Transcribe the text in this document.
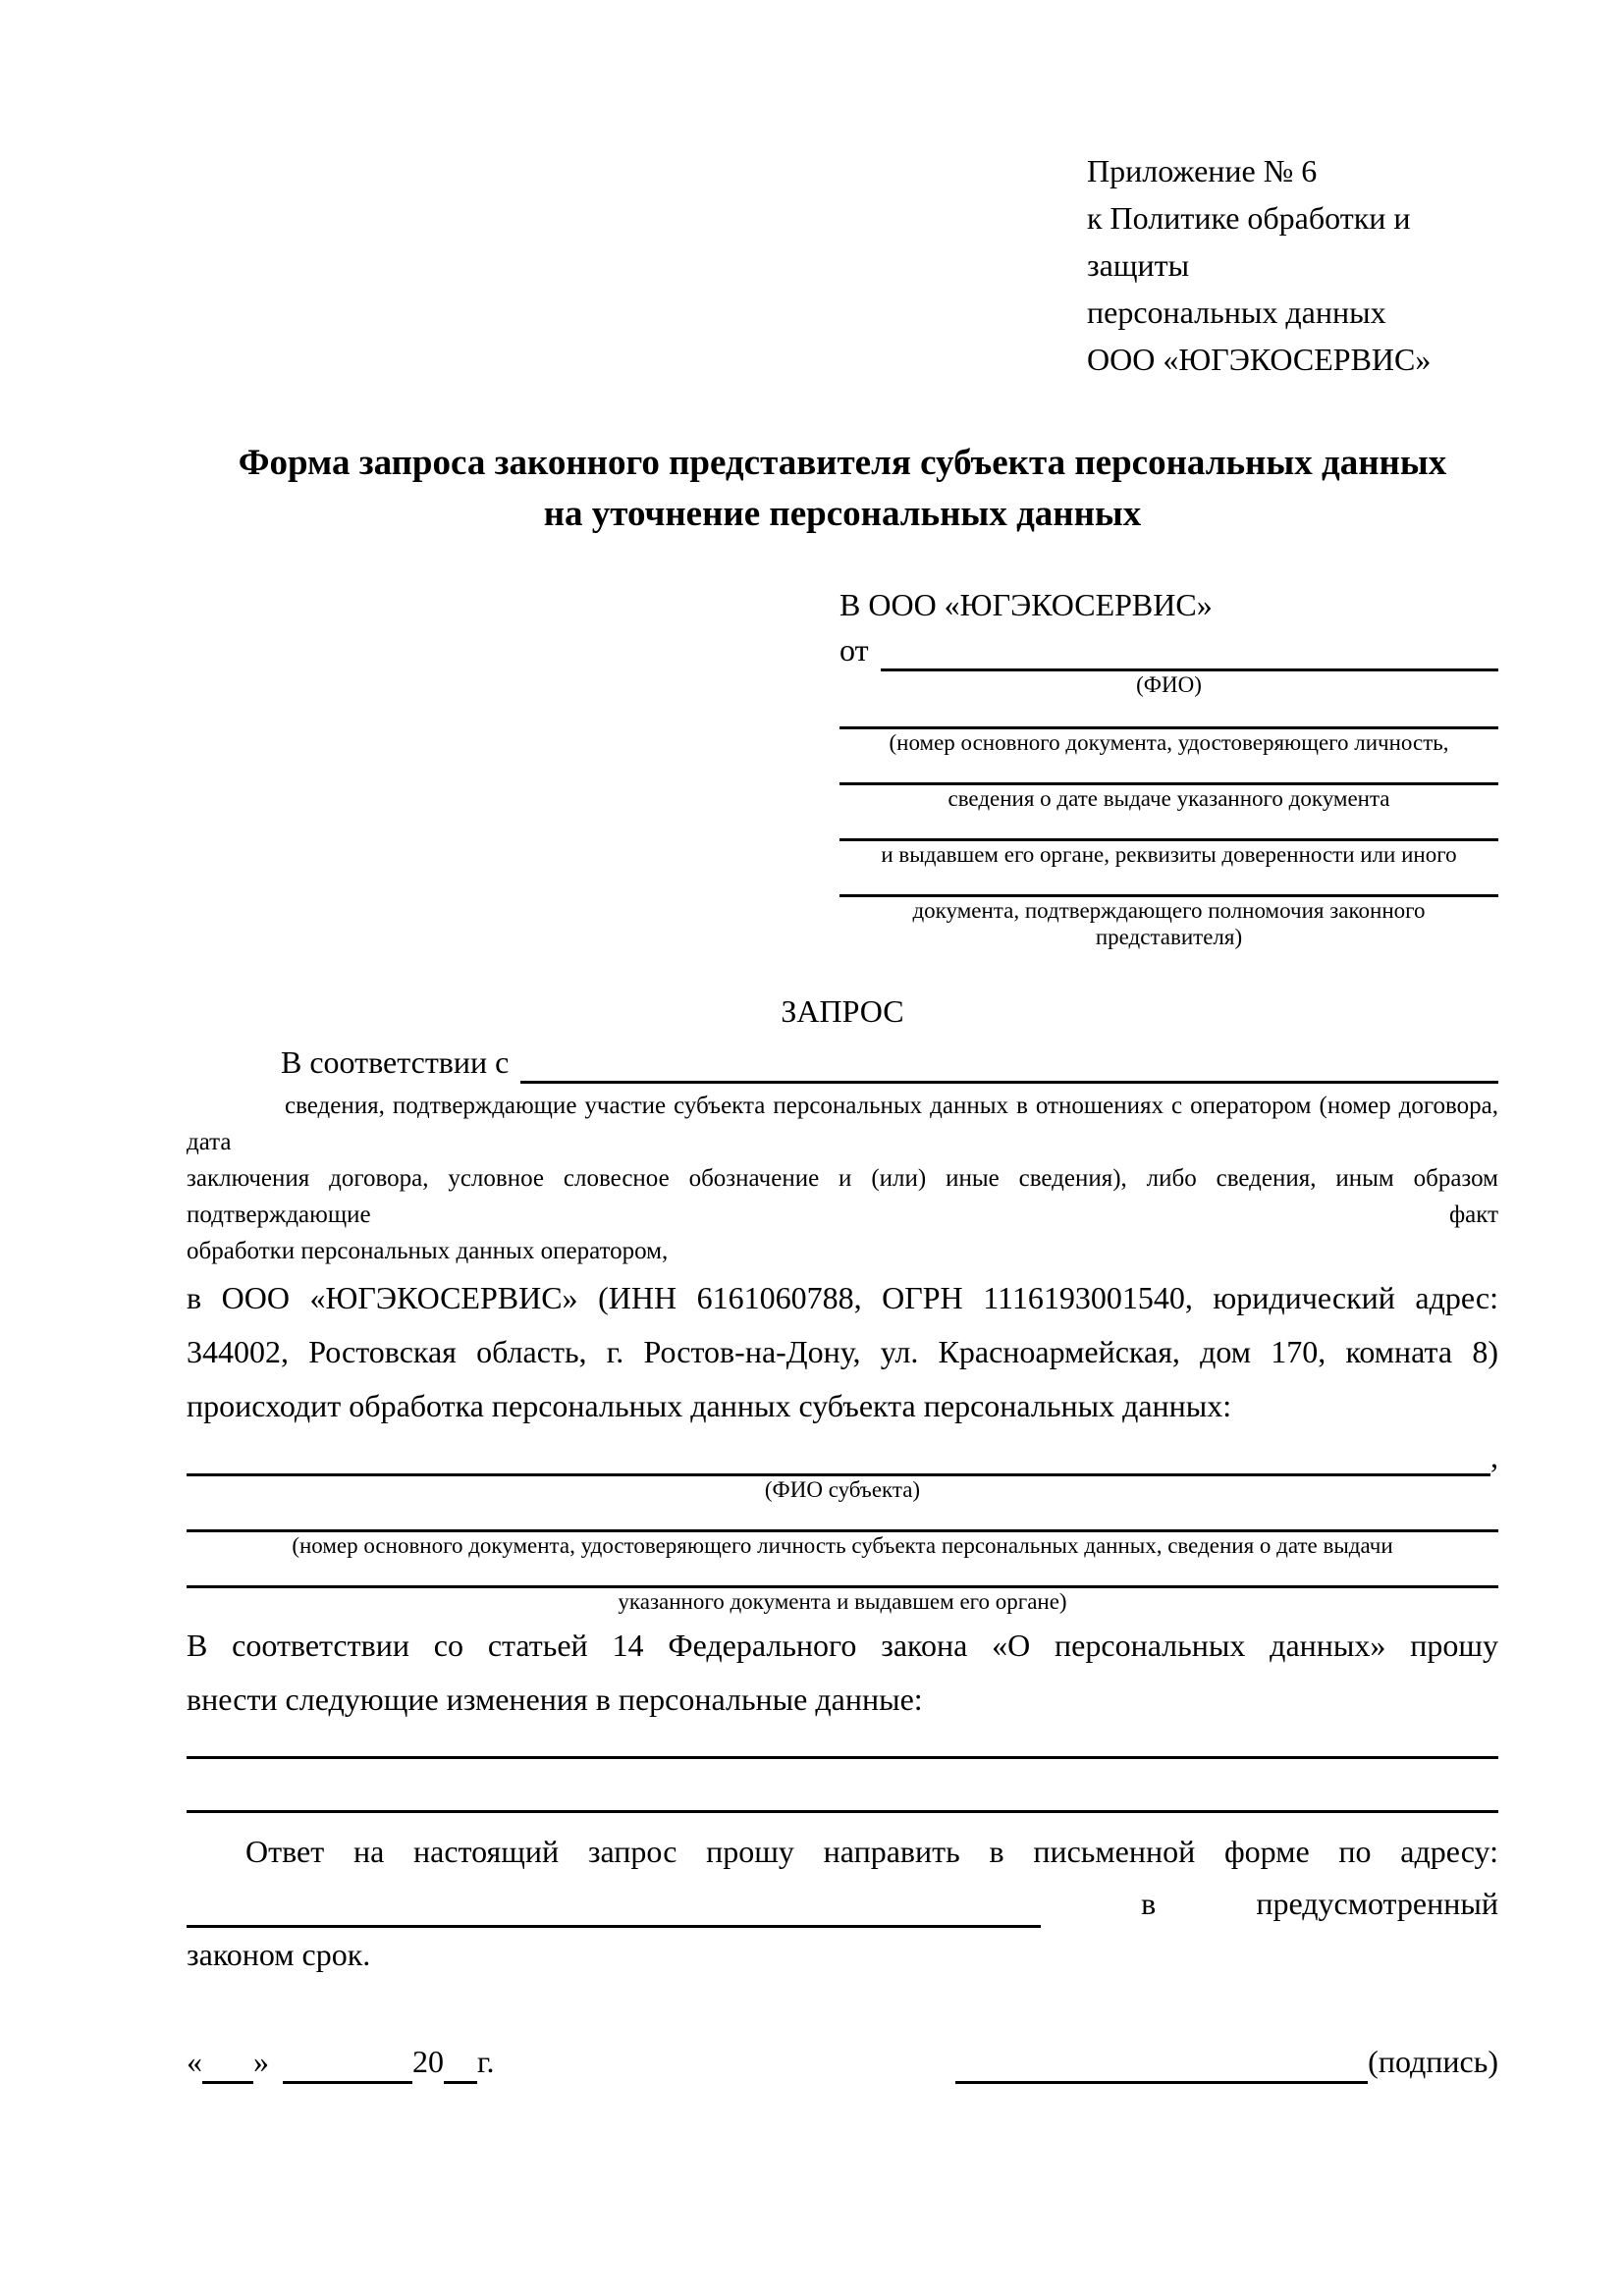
Приложение № 6
к Политике обработки и защиты
персональных данных
ООО «ЮГЭКОСЕРВИС»
Форма запроса законного представителя субъекта персональных данных
на уточнение персональных данных
В ООО «ЮГЭКОСЕРВИС»
от
(ФИО)
(номер основного документа, удостоверяющего личность,
сведения о дате выдаче указанного документа
и выдавшем его органе, реквизиты доверенности или иного
документа, подтверждающего полномочия законного представителя)
ЗАПРОС
В соответствии с
сведения, подтверждающие участие субъекта персональных данных в отношениях с оператором (номер договора, дата
заключения договора, условное словесное обозначение и (или) иные сведения), либо сведения, иным образом подтверждающие факт
обработки персональных данных оператором,
в ООО «ЮГЭКОСЕРВИС» (ИНН 6161060788, ОГРН 1116193001540, юридический адрес:
344002, Ростовская область, г. Ростов-на-Дону, ул. Красноармейская, дом 170, комната 8)
происходит обработка персональных данных субъекта персональных данных:
,
(ФИО субъекта)
(номер основного документа, удостоверяющего личность субъекта персональных данных, сведения о дате выдачи
указанного документа и выдавшем его органе)
В соответствии со статьей 14 Федерального закона «О персональных данных» прошу
внести следующие изменения в персональные данные:
Ответ на настоящий запрос прошу направить в письменной форме по адресу:
в	предусмотренный
законом срок.
« »	20 г.	(подпись)
